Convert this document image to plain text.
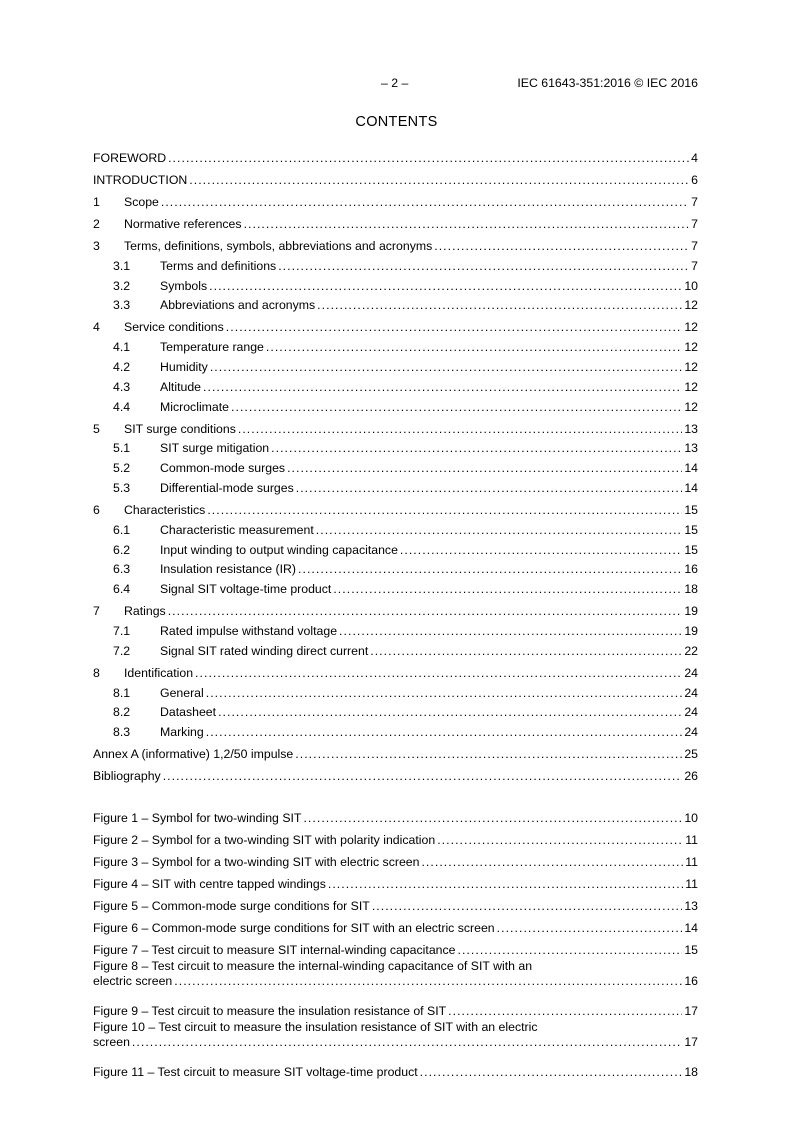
– 2 –	IEC 61643-351:2016 © IEC 2016
CONTENTS
FOREWORD .....	4
INTRODUCTION .....	6
1	Scope .....	7
2	Normative references .....	7
3	Terms, definitions, symbols, abbreviations and acronyms .....	7
3.1	Terms and definitions .....	7
3.2	Symbols .....	10
3.3	Abbreviations and acronyms .....	12
4	Service conditions .....	12
4.1	Temperature range .....	12
4.2	Humidity .....	12
4.3	Altitude .....	12
4.4	Microclimate .....	12
5	SIT surge conditions .....	13
5.1	SIT surge mitigation .....	13
5.2	Common-mode surges .....	14
5.3	Differential-mode surges .....	14
6	Characteristics .....	15
6.1	Characteristic measurement .....	15
6.2	Input winding to output winding capacitance .....	15
6.3	Insulation resistance (IR) .....	16
6.4	Signal SIT voltage-time product .....	18
7	Ratings .....	19
7.1	Rated impulse withstand voltage .....	19
7.2	Signal SIT rated winding direct current .....	22
8	Identification .....	24
8.1	General .....	24
8.2	Datasheet .....	24
8.3	Marking .....	24
Annex A (informative) 1,2/50 impulse .....	25
Bibliography .....	26
Figure 1 – Symbol for two-winding SIT .....	10
Figure 2 – Symbol for a two-winding SIT with polarity indication .....	11
Figure 3 – Symbol for a two-winding SIT with electric screen .....	11
Figure 4 – SIT with centre tapped windings .....	11
Figure 5 – Common-mode surge conditions for SIT .....	13
Figure 6 – Common-mode surge conditions for SIT with an electric screen .....	14
Figure 7 – Test circuit to measure SIT internal-winding capacitance .....	15
Figure 8 – Test circuit to measure the internal-winding capacitance of SIT with an
electric screen .....	16
Figure 9 – Test circuit to measure the insulation resistance of SIT .....	17
Figure 10 – Test circuit to measure the insulation resistance of SIT with an electric
screen .....	17
Figure 11 – Test circuit to measure SIT voltage-time product .....	18
